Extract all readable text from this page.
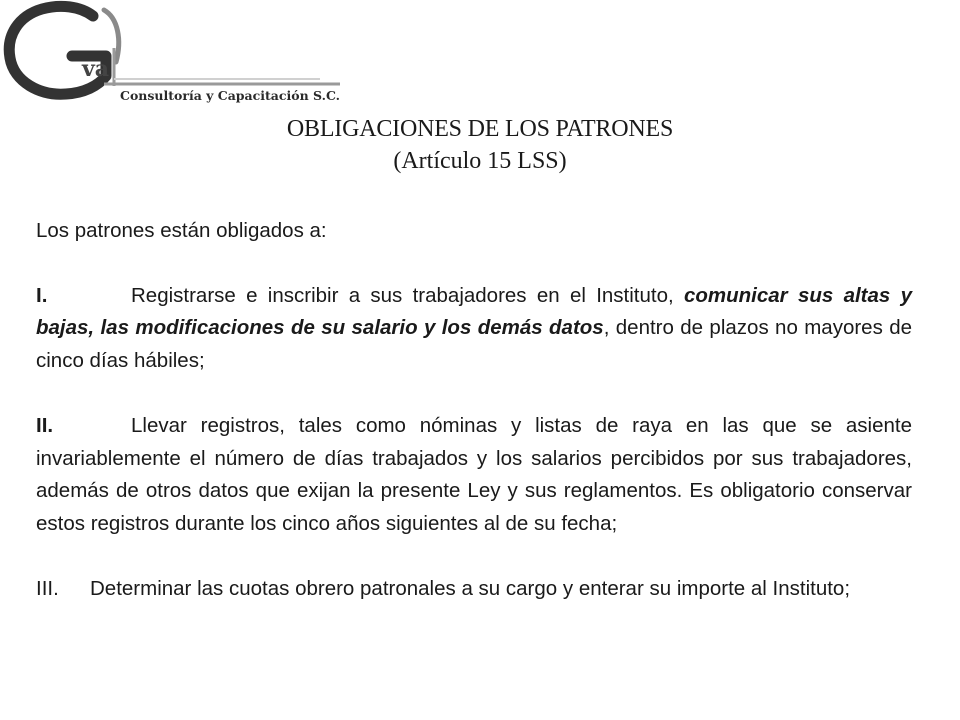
va
Consultoría y Capacitación S.C.
OBLIGACIONES DE LOS PATRONES
(Artículo 15 LSS)

Los patrones están obligados a:

I.	Registrarse e inscribir a sus trabajadores en el Instituto, comunicar sus altas y bajas, las modificaciones de su salario y los demás datos, dentro de plazos no mayores de cinco días hábiles;

II.	Llevar registros, tales como nóminas y listas de raya en las que se asiente invariablemente el número de días trabajados y los salarios percibidos por sus trabajadores, además de otros datos que exijan la presente Ley y sus reglamentos. Es obligatorio conservar estos registros durante los cinco años siguientes al de su fecha;

III. Determinar las cuotas obrero patronales a su cargo y enterar su importe al Instituto;
